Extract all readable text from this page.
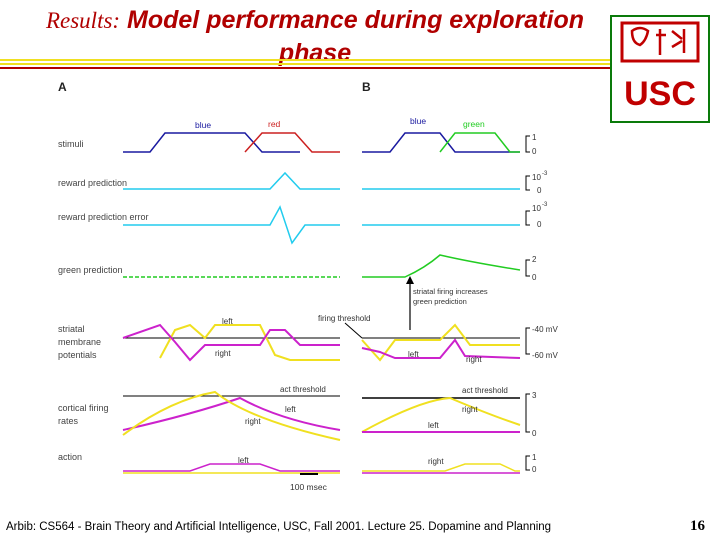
Results: Model performance during exploration
phase
USC
A	B
stimuli
reward prediction
reward prediction error
green prediction
striatal
membrane
potentials
cortical firing
rates
action
blue	red
left
right
act threshold
right
left
left
100 msec
blue	green
striatal firing increases
green prediction
firing threshold
left
right
act threshold
right
left
right
1
0
10 -3
0
10 -3
0
2
0
-40 mV
-60 mV
3
0
1
0
Arbib: CS564 - Brain Theory and Artificial Intelligence, USC, Fall 2001. Lecture 25. Dopamine and Planning	16
